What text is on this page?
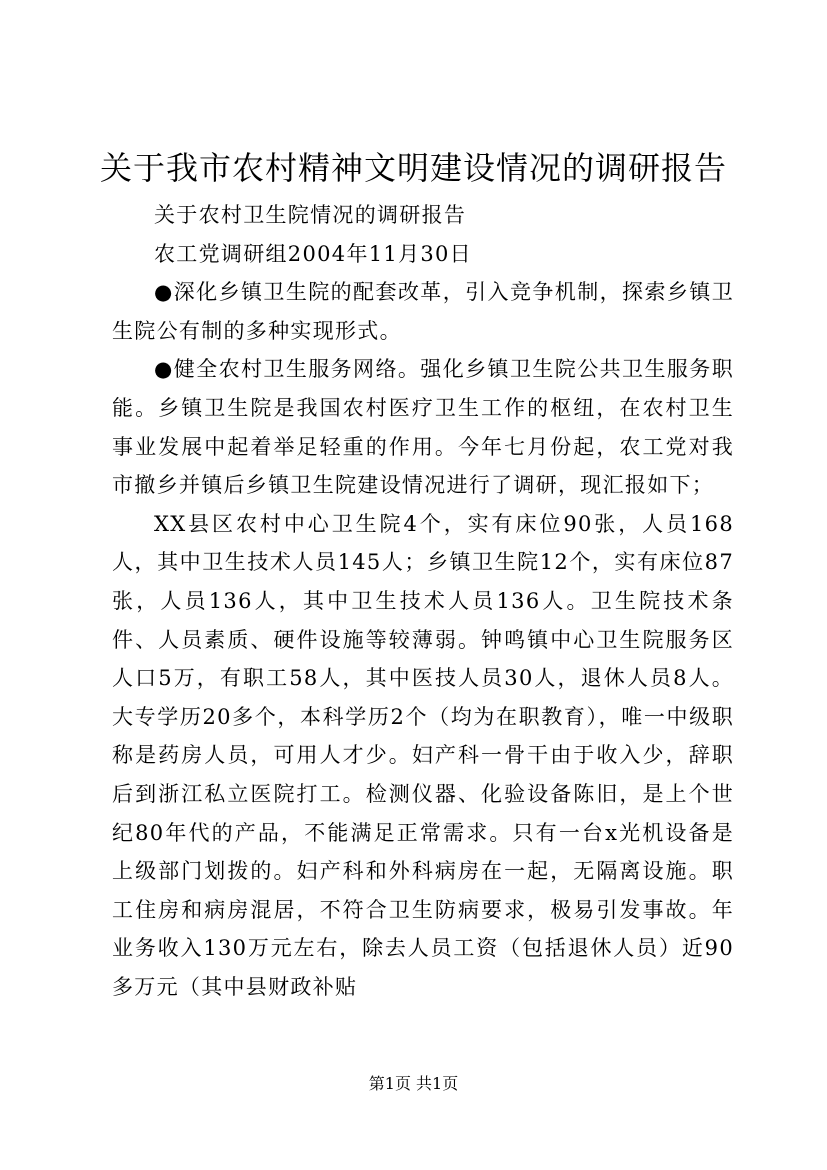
关于我市农村精神文明建设情况的调研报告

关于农村卫生院情况的调研报告

农工党调研组2004年11月30日

●深化乡镇卫生院的配套改革，引入竞争机制，探索乡镇卫生院公有制的多种实现形式。

●健全农村卫生服务网络。强化乡镇卫生院公共卫生服务职能。乡镇卫生院是我国农村医疗卫生工作的枢纽，在农村卫生事业发展中起着举足轻重的作用。今年七月份起，农工党对我市撤乡并镇后乡镇卫生院建设情况进行了调研，现汇报如下；

XX县区农村中心卫生院4个，实有床位90张，人员168人，其中卫生技术人员145人；乡镇卫生院12个，实有床位87张，人员136人，其中卫生技术人员136人。卫生院技术条件、人员素质、硬件设施等较薄弱。钟鸣镇中心卫生院服务区人口5万，有职工58人，其中医技人员30人，退休人员8人。大专学历20多个，本科学历2个（均为在职教育），唯一中级职称是药房人员，可用人才少。妇产科一骨干由于收入少，辞职后到浙江私立医院打工。检测仪器、化验设备陈旧，是上个世纪80年代的产品，不能满足正常需求。只有一台x光机设备是上级部门划拨的。妇产科和外科病房在一起，无隔离设施。职工住房和病房混居，不符合卫生防病要求，极易引发事故。年业务收入130万元左右，除去人员工资（包括退休人员）近90多万元（其中县财政补贴

第1页 共1页
